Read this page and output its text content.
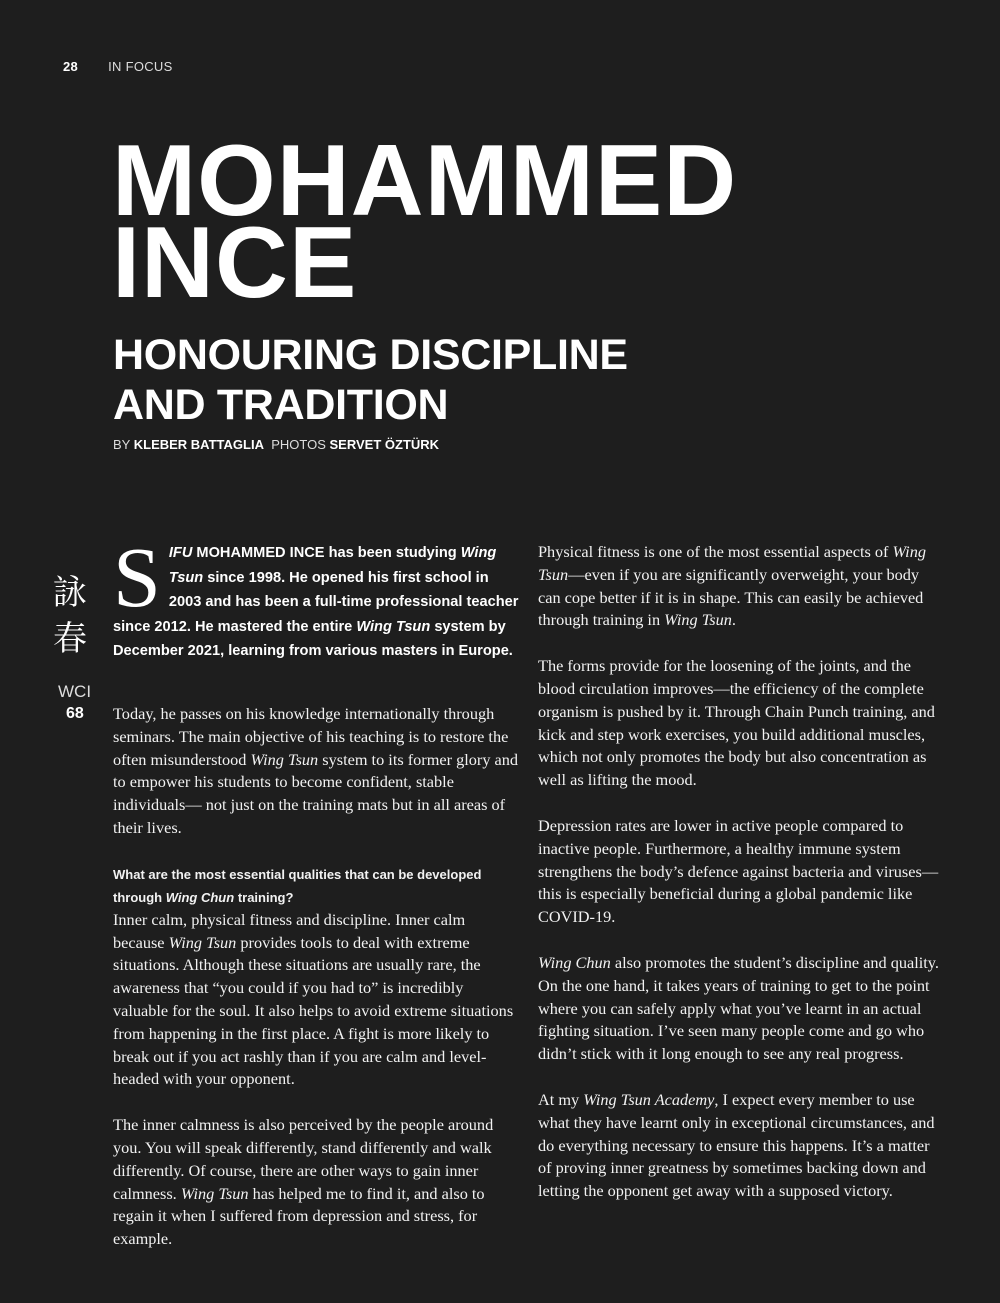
28 IN FOCUS
MOHAMMED
INCE
HONOURING DISCIPLINE
AND TRADITION
BY KLEBER BATTAGLIA PHOTOS SERVET ÖZTÜRK
詠
春
WCI
68
S IFU MOHAMMED INCE has been studying Wing Tsun since 1998. He opened his first school in 2003 and has been a full-time professional teacher since 2012. He mastered the entire Wing Tsun system by December 2021, learning from various masters in Europe.

Today, he passes on his knowledge internationally through seminars. The main objective of his teaching is to restore the often misunderstood Wing Tsun system to its former glory and to empower his students to become confident, stable individuals— not just on the training mats but in all areas of their lives.

What are the most essential qualities that can be developed through Wing Chun training?

Inner calm, physical fitness and discipline. Inner calm because Wing Tsun provides tools to deal with extreme situations. Although these situations are usually rare, the awareness that “you could if you had to” is incredibly valuable for the soul. It also helps to avoid extreme situations from happening in the first place. A fight is more likely to break out if you act rashly than if you are calm and level-headed with your opponent.

The inner calmness is also perceived by the people around you. You will speak differently, stand differently and walk differently. Of course, there are other ways to gain inner calmness. Wing Tsun has helped me to find it, and also to regain it when I suffered from depression and stress, for example.

Physical fitness is one of the most essential aspects of Wing Tsun—even if you are significantly overweight, your body can cope better if it is in shape. This can easily be achieved through training in Wing Tsun.

The forms provide for the loosening of the joints, and the blood circulation improves—the efficiency of the complete organism is pushed by it. Through Chain Punch training, and kick and step work exercises, you build additional muscles, which not only promotes the body but also concentration as well as lifting the mood.

Depression rates are lower in active people compared to inactive people. Furthermore, a healthy immune system strengthens the body’s defence against bacteria and viruses—this is especially beneficial during a global pandemic like COVID-19.

Wing Chun also promotes the student’s discipline and quality. On the one hand, it takes years of training to get to the point where you can safely apply what you’ve learnt in an actual fighting situation. I’ve seen many people come and go who didn’t stick with it long enough to see any real progress.

At my Wing Tsun Academy, I expect every member to use what they have learnt only in exceptional circumstances, and do everything necessary to ensure this happens. It’s a matter of proving inner greatness by sometimes backing down and letting the opponent get away with a supposed victory.
